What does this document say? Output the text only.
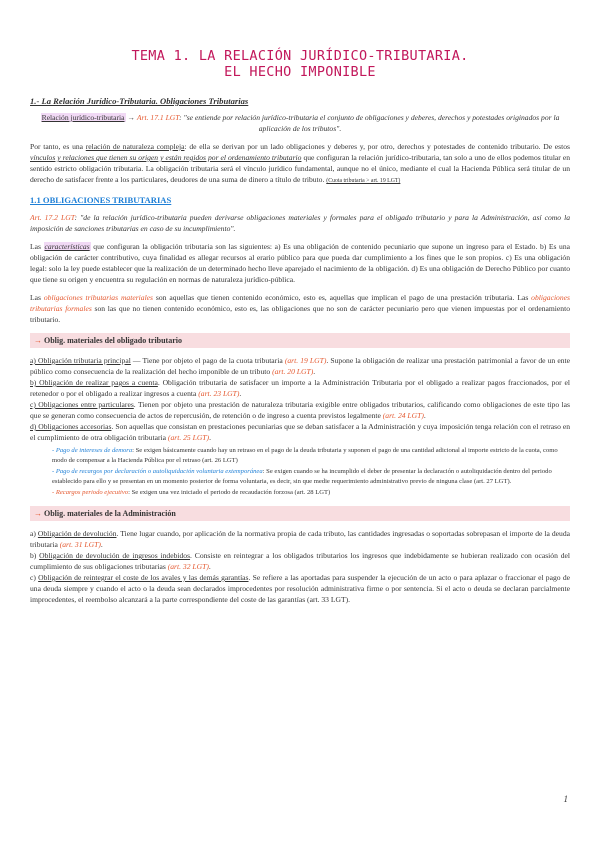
TEMA 1. LA RELACIÓN JURÍDICO-TRIBUTARIA.
EL HECHO IMPONIBLE
1.- La Relación Jurídico-Tributaria. Obligaciones Tributarias
Relación jurídico-tributaria → Art. 17.1 LGT: "se entiende por relación jurídico-tributaria el conjunto de obligaciones y deberes, derechos y potestades originados por la aplicación de los tributos".
Por tanto, es una relación de naturaleza compleja: de ella se derivan por un lado obligaciones y deberes y, por otro, derechos y potestades de contenido tributario. De estos vínculos y relaciones que tienen su origen y están regidos por el ordenamiento tributario que configuran la relación jurídico-tributaria, tan solo a uno de ellos podemos titular en sentido estricto obligación tributaria. La obligación tributaria será el vínculo jurídico fundamental, aunque no el único, mediante el cual la Hacienda Pública será titular de un derecho de satisfacer frente a los particulares, deudores de una suma de dinero a título de tributo. (Cuota tributaria > art. 19 LGT)
1.1 OBLIGACIONES TRIBUTARIAS
Art. 17.2 LGT: "de la relación jurídico-tributaria pueden derivarse obligaciones materiales y formales para el obligado tributario y para la Administración, así como la imposición de sanciones tributarias en caso de su incumplimiento".
Las características que configuran la obligación tributaria son las siguientes: a) Es una obligación de contenido pecuniario que supone un ingreso para el Estado. b) Es una obligación de carácter contributivo, cuya finalidad es allegar recursos al erario público para que pueda dar cumplimiento a los fines que le son propios. c) Es una obligación legal: solo la ley puede establecer que la realización de un determinado hecho lleve aparejado el nacimiento de la obligación. d) Es una obligación de Derecho Público por cuanto que tiene su origen y encuentra su regulación en normas de naturaleza jurídico-pública.
Las obligaciones tributarias materiales son aquellas que tienen contenido económico, esto es, aquellas que implican el pago de una prestación tributaria. Las obligaciones tributarias formales son las que no tienen contenido económico, esto es, las obligaciones que no son de carácter pecuniario pero que vienen impuestas por el ordenamiento tributario.
→ Oblig. materiales del obligado tributario
a) Obligación tributaria principal — Tiene por objeto el pago de la cuota tributaria (art. 19 LGT). Supone la obligación de realizar una prestación patrimonial a favor de un ente público como consecuencia de la realización del hecho imponible de un tributo (art. 20 LGT).
b) Obligación de realizar pagos a cuenta. Obligación tributaria de satisfacer un importe a la Administración Tributaria por el obligado a realizar pagos fraccionados, por el retenedor o por el obligado a realizar ingresos a cuenta (art. 23 LGT).
c) Obligaciones entre particulares. Tienen por objeto una prestación de naturaleza tributaria exigible entre obligados tributarios, calificando como obligaciones de este tipo las que se generan como consecuencia de actos de repercusión, de retención o de ingreso a cuenta previstos legalmente (art. 24 LGT).
d) Obligaciones accesorias. Son aquellas que consistan en prestaciones pecuniarias que se deban satisfacer a la Administración y cuya imposición tenga relación con el retraso en el cumplimiento de otra obligación tributaria (art. 25 LGT).
- Pago de intereses de demora: Se exigen básicamente cuando hay un retraso en el pago de la deuda tributaria y suponen el pago de una cantidad adicional al importe estricto de la cuota, como modo de compensar a la Hacienda Pública por el retraso (art. 26 LGT)
- Pago de recargos por declaración o autoliquidación voluntaria extemporánea: Se exigen cuando se ha incumplido el deber de presentar la declaración o autoliquidación dentro del periodo establecido para ello y se presentan en un momento posterior de forma voluntaria, es decir, sin que medie requerimiento administrativo previo de ninguna clase (art. 27 LGT).
- Recargos periodo ejecutivo: Se exigen una vez iniciado el periodo de recaudación forzosa (art. 28 LGT)
→ Oblig. materiales de la Administración
a) Obligación de devolución. Tiene lugar cuando, por aplicación de la normativa propia de cada tributo, las cantidades ingresadas o soportadas sobrepasan el importe de la deuda tributaria (art. 31 LGT).
b) Obligación de devolución de ingresos indebidos. Consiste en reintegrar a los obligados tributarios los ingresos que indebidamente se hubieran realizado con ocasión del cumplimiento de sus obligaciones tributarias (art. 32 LGT).
c) Obligación de reintegrar el coste de los avales y las demás garantías. Se refiere a las aportadas para suspender la ejecución de un acto o para aplazar o fraccionar el pago de una deuda siempre y cuando el acto o la deuda sean declarados improcedentes por resolución administrativa firme o por sentencia. Si el acto o deuda se declaran parcialmente improcedentes, el reembolso alcanzará a la parte correspondiente del coste de las garantías (art. 33 LGT).
1
